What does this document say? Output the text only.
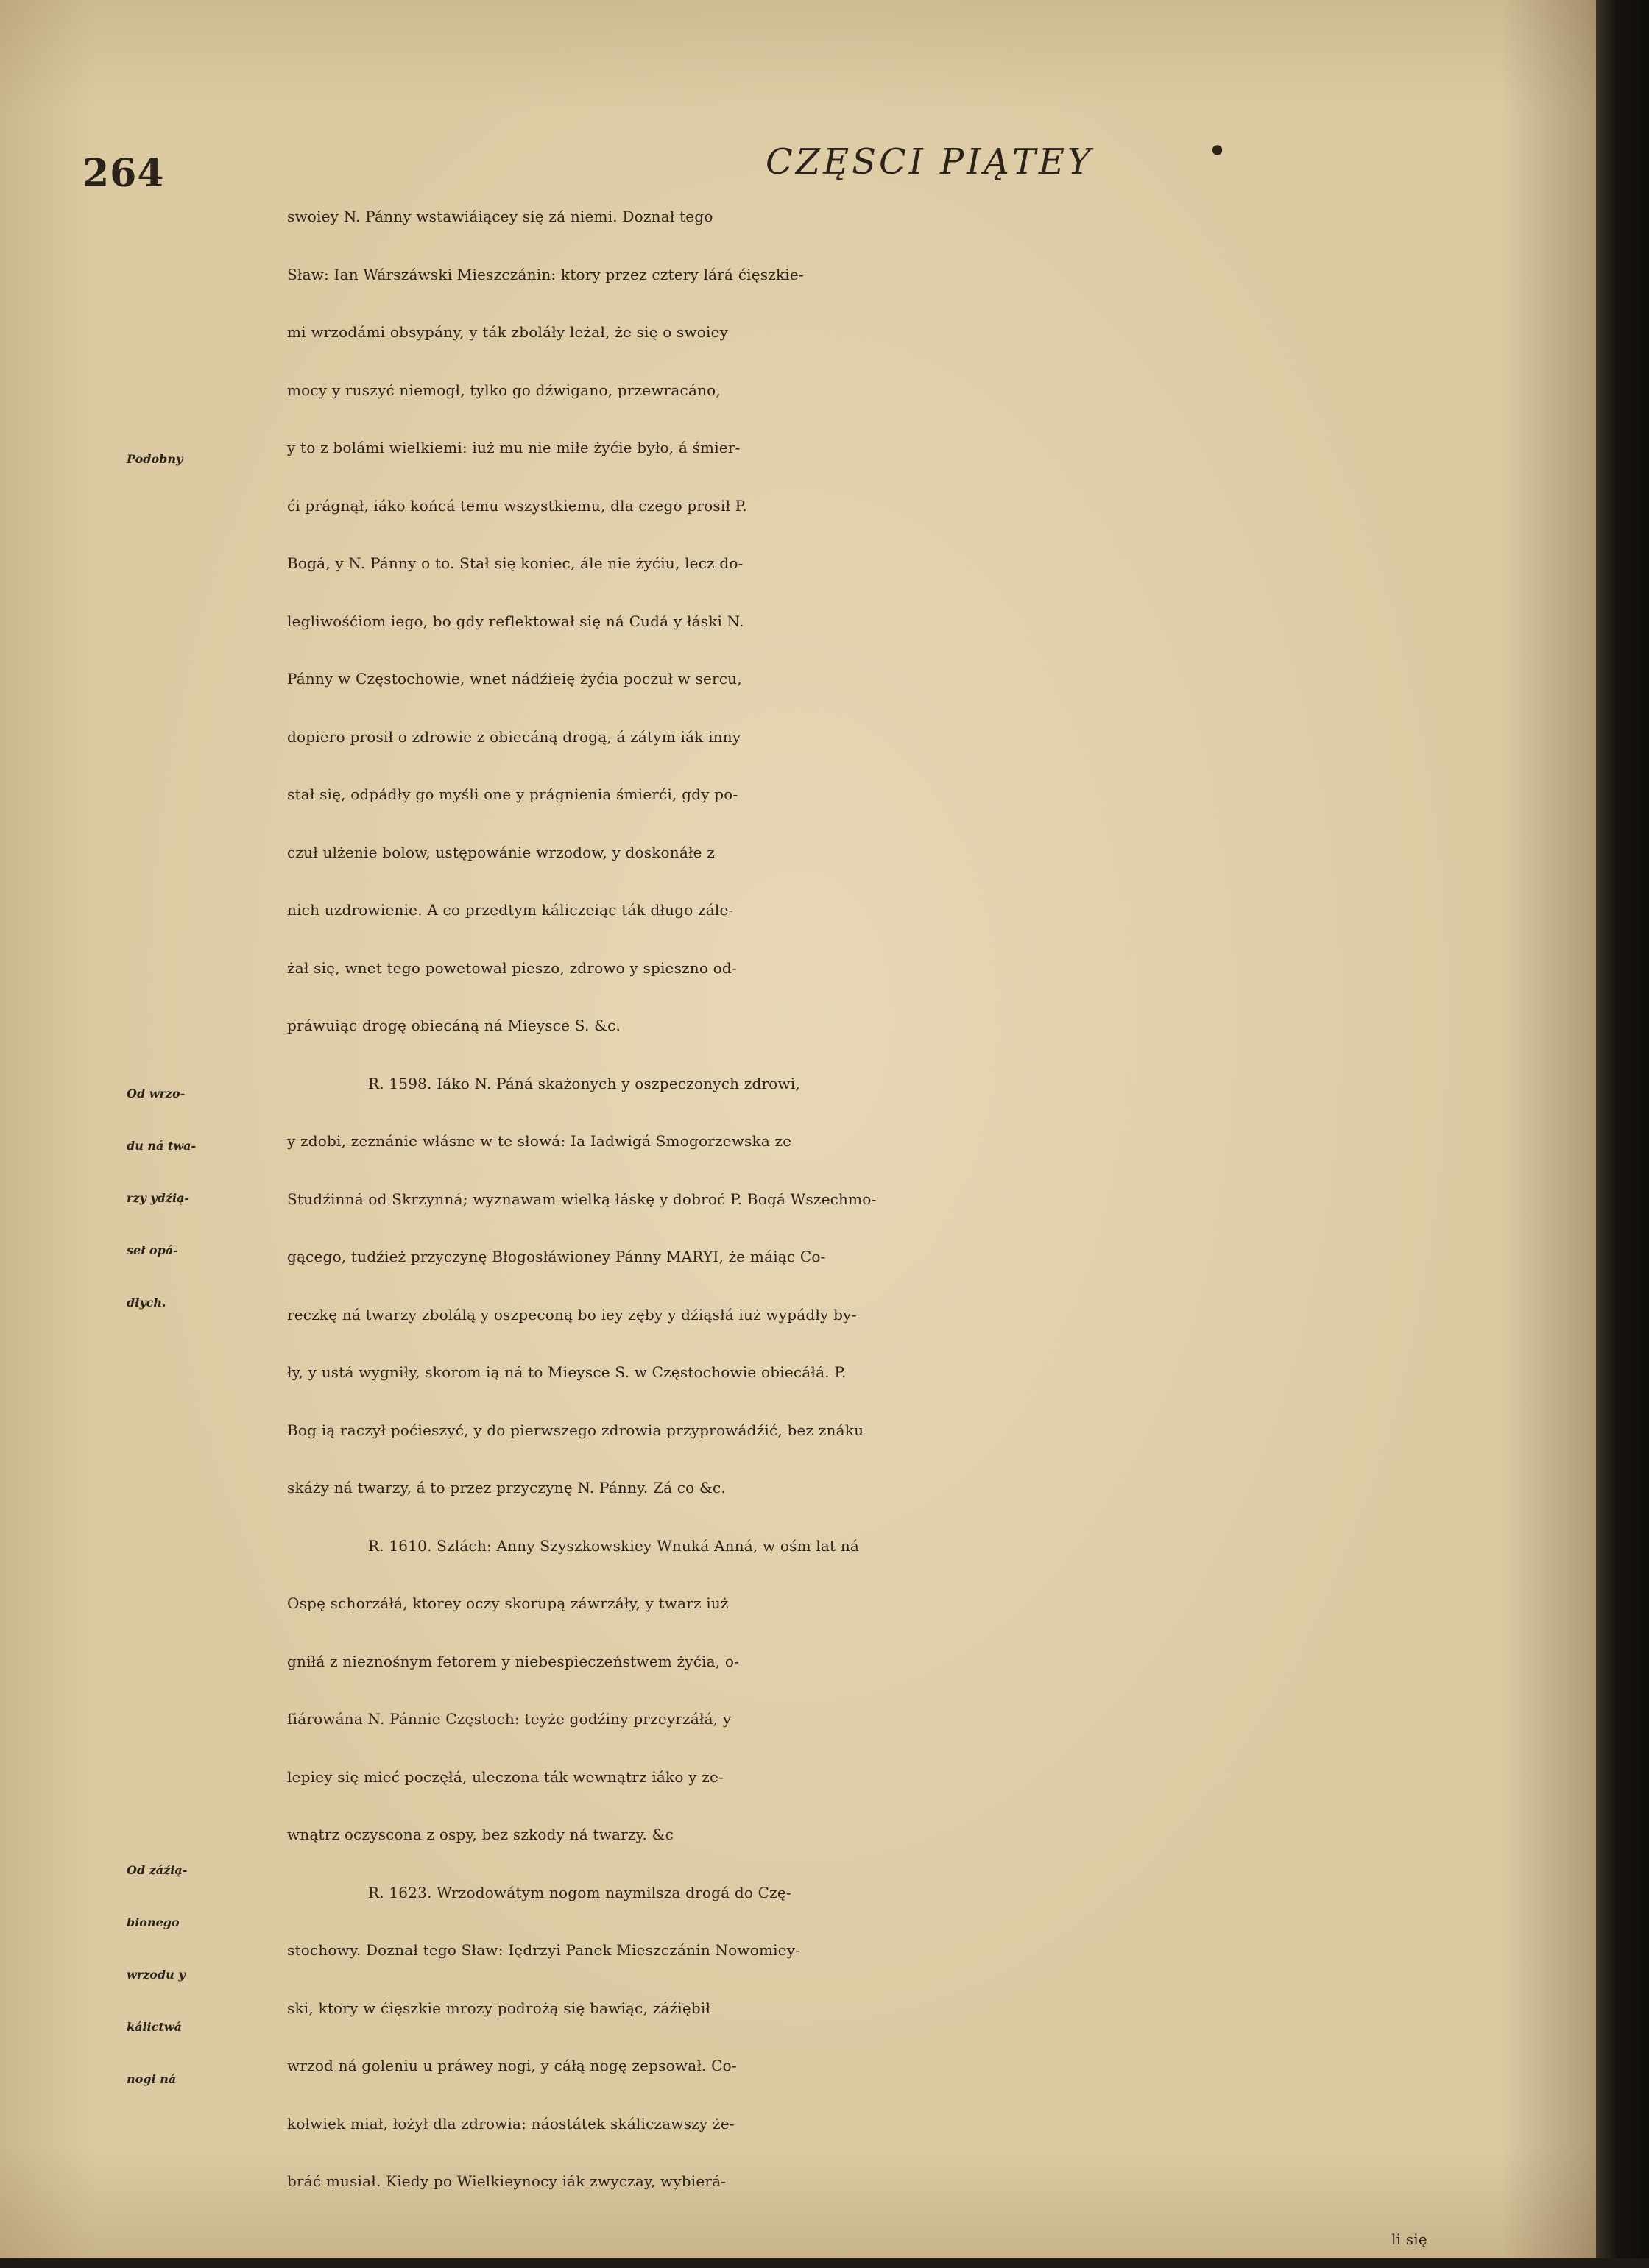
264	CZĘSCI PIĄTEY	•
Podobny
Od wrzo-
du ná twa-
rzy ydźią-
seł opá-
dłych.
Od záźią-
bionego
wrzodu y
kálictwá
nogi ná
swoiey N. Pánny wstawiáiącey się zá niemi. Doznał tego
Sław: Ian Wárszáwski Mieszczánin: ktory przez cztery lárá ćięszkie-
mi wrzodámi obsypány, y ták zboláły leżał, że się o swoiey
mocy y ruszyć niemogł, tylko go dźwigano, przewracáno,
y to z bolámi wielkiemi: iuż mu nie miłe żyćie było, á śmier-
ći prágnął, iáko końcá temu wszystkiemu, dla czego prosił P.
Bogá, y N. Pánny o to. Stał się koniec, ále nie żyćiu, lecz do-
legliwośćiom iego, bo gdy reflektował się ná Cudá y łáski N.
Pánny w Częstochowie, wnet nádźieię żyćia poczuł w sercu,
dopiero prosił o zdrowie z obiecáną drogą, á zátym iák inny
stał się, odpádły go myśli one y prágnienia śmierći, gdy po-
czuł ulżenie bolow, ustępowánie wrzodow, y doskonáłe z
nich uzdrowienie. A co przedtym káliczeiąc ták długo zále-
żał się, wnet tego powetował pieszo, zdrowo y spieszno od-
práwuiąc drogę obiecáną ná Mieysce S. &c.
R. 1598. Iáko N. Páná skażonych y oszpeczonych zdrowi,
y zdobi, zeznánie włásne w te słowá: Ia Iadwigá Smogorzewska ze
Studźinná od Skrzynná; wyznawam wielką łáskę y dobroć P. Bogá Wszechmo-
gącego, tudźież przyczynę Błogosłáwioney Pánny MARYI, że máiąc Co-
reczkę ná twarzy zbolálą y oszpeconą bo iey zęby y dźiąsłá iuż wypádły by-
ły, y ustá wygniły, skorom ią ná to Mieysce S. w Częstochowie obiecáłá. P.
Bog ią raczył poćieszyć, y do pierwszego zdrowia przyprowádźić, bez znáku
skáży ná twarzy, á to przez przyczynę N. Pánny. Zá co &c.
R. 1610. Szlách: Anny Szyszkowskiey Wnuká Anná, w ośm lat ná
Ospę schorzáłá, ktorey oczy skorupą záwrzáły, y twarz iuż
gniłá z nieznośnym fetorem y niebespieczeństwem żyćia, o-
fiárowána N. Pánnie Częstoch: teyże godźiny przeyrzáłá, y
lepiey się mieć poczęłá, uleczona ták wewnątrz iáko y ze-
wnątrz oczyscona z ospy, bez szkody ná twarzy. &c
R. 1623. Wrzodowátym nogom naymilsza drogá do Czę-
stochowy. Doznał tego Sław: Iędrzyi Panek Mieszczánin Nowomiey-
ski, ktory w ćięszkie mrozy podrożą się bawiąc, záźiębił
wrzod ná goleniu u práwey nogi, y cáłą nogę zepsował. Co-
kolwiek miał, łożył dla zdrowia: náostátek skáliczawszy że-
bráć musiał. Kiedy po Wielkieynocy iák zwyczay, wybierá-
li się
